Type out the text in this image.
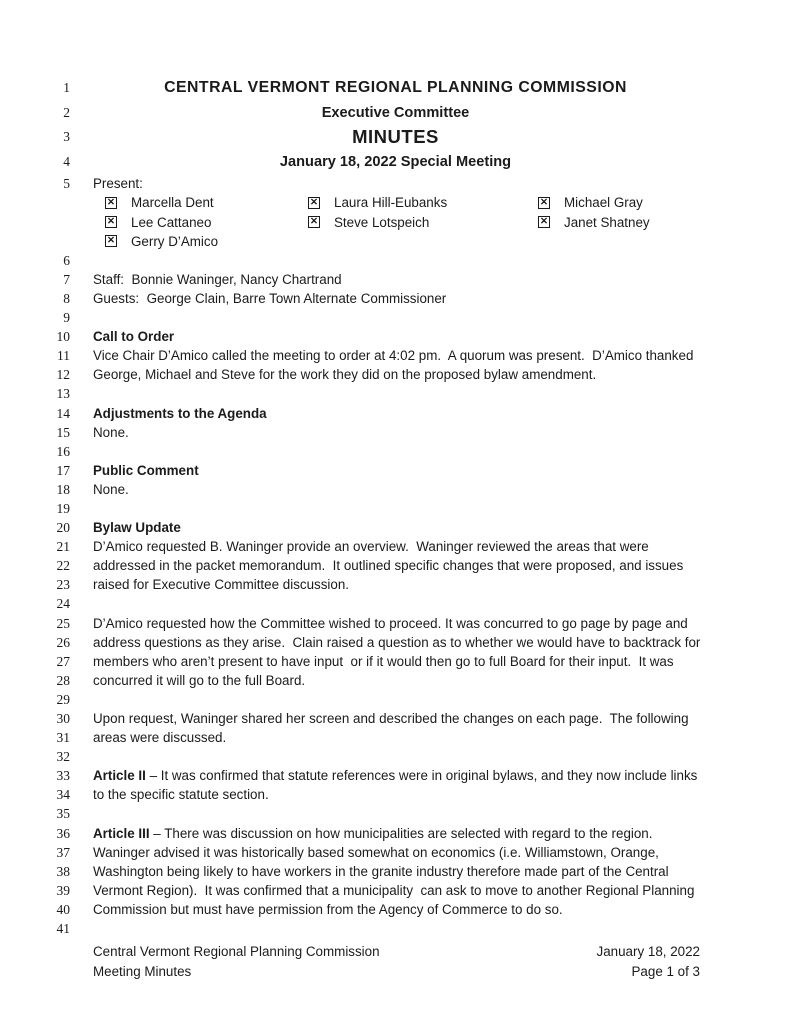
1	CENTRAL VERMONT REGIONAL PLANNING COMMISSION
2	Executive Committee
3	MINUTES
4	January 18, 2022 Special Meeting
5 Present:
✕ Marcella Dent	✕ Laura Hill-Eubanks	✕ Michael Gray
✕ Lee Cattaneo	✕ Steve Lotspeich	✕ Janet Shatney
✕ Gerry D’Amico
6
7 Staff:  Bonnie Waninger, Nancy Chartrand
8 Guests:  George Clain, Barre Town Alternate Commissioner
9
10 Call to Order
11 Vice Chair D’Amico called the meeting to order at 4:02 pm.  A quorum was present.  D’Amico thanked
12 George, Michael and Steve for the work they did on the proposed bylaw amendment.
13
14 Adjustments to the Agenda
15 None.
16
17 Public Comment
18 None.
19
20 Bylaw Update
21 D’Amico requested B. Waninger provide an overview.  Waninger reviewed the areas that were
22 addressed in the packet memorandum.  It outlined specific changes that were proposed, and issues
23 raised for Executive Committee discussion.
24
25 D’Amico requested how the Committee wished to proceed. It was concurred to go page by page and
26 address questions as they arise.  Clain raised a question as to whether we would have to backtrack for
27 members who aren’t present to have input  or if it would then go to full Board for their input.  It was
28 concurred it will go to the full Board.
29
30 Upon request, Waninger shared her screen and described the changes on each page.  The following
31 areas were discussed.
32
33 Article II – It was confirmed that statute references were in original bylaws, and they now include links
34 to the specific statute section.
35
36 Article III – There was discussion on how municipalities are selected with regard to the region.
37 Waninger advised it was historically based somewhat on economics (i.e. Williamstown, Orange,
38 Washington being likely to have workers in the granite industry therefore made part of the Central
39 Vermont Region).  It was confirmed that a municipality  can ask to move to another Regional Planning
40 Commission but must have permission from the Agency of Commerce to do so.
41
Central Vermont Regional Planning Commission
Meeting Minutes
January 18, 2022
Page 1 of 3
